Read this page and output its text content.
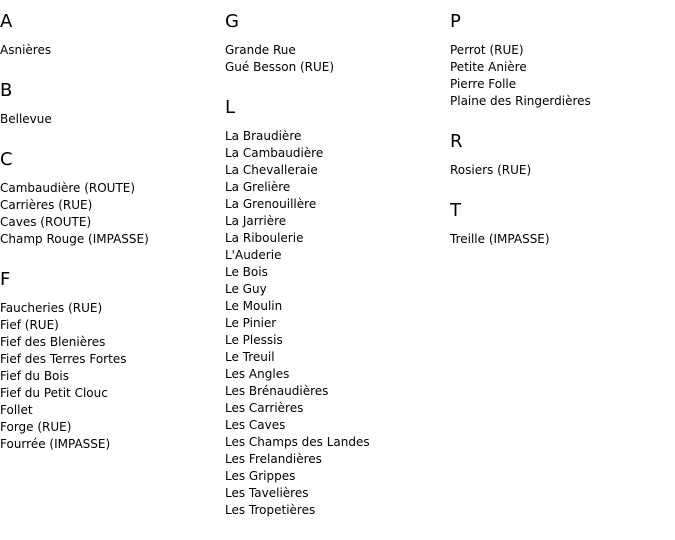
A
Asnières
B
Bellevue
C
Cambaudière (ROUTE)
Carrières (RUE)
Caves (ROUTE)
Champ Rouge (IMPASSE)
F
Faucheries (RUE)
Fief (RUE)
Fief des Blenières
Fief des Terres Fortes
Fief du Bois
Fief du Petit Clouc
Follet
Forge (RUE)
Fourrée (IMPASSE)
G
Grande Rue
Gué Besson (RUE)
L
La Braudière
La Cambaudière
La Chevalleraie
La Grelière
La Grenouillère
La Jarrière
La Riboulerie
L'Auderie
Le Bois
Le Guy
Le Moulin
Le Pinier
Le Plessis
Le Treuil
Les Angles
Les Brénaudières
Les Carrières
Les Caves
Les Champs des Landes
Les Frelandières
Les Grippes
Les Tavelières
Les Tropetières
P
Perrot (RUE)
Petite Anière
Pierre Folle
Plaine des Ringerdières
R
Rosiers (RUE)
T
Treille (IMPASSE)
